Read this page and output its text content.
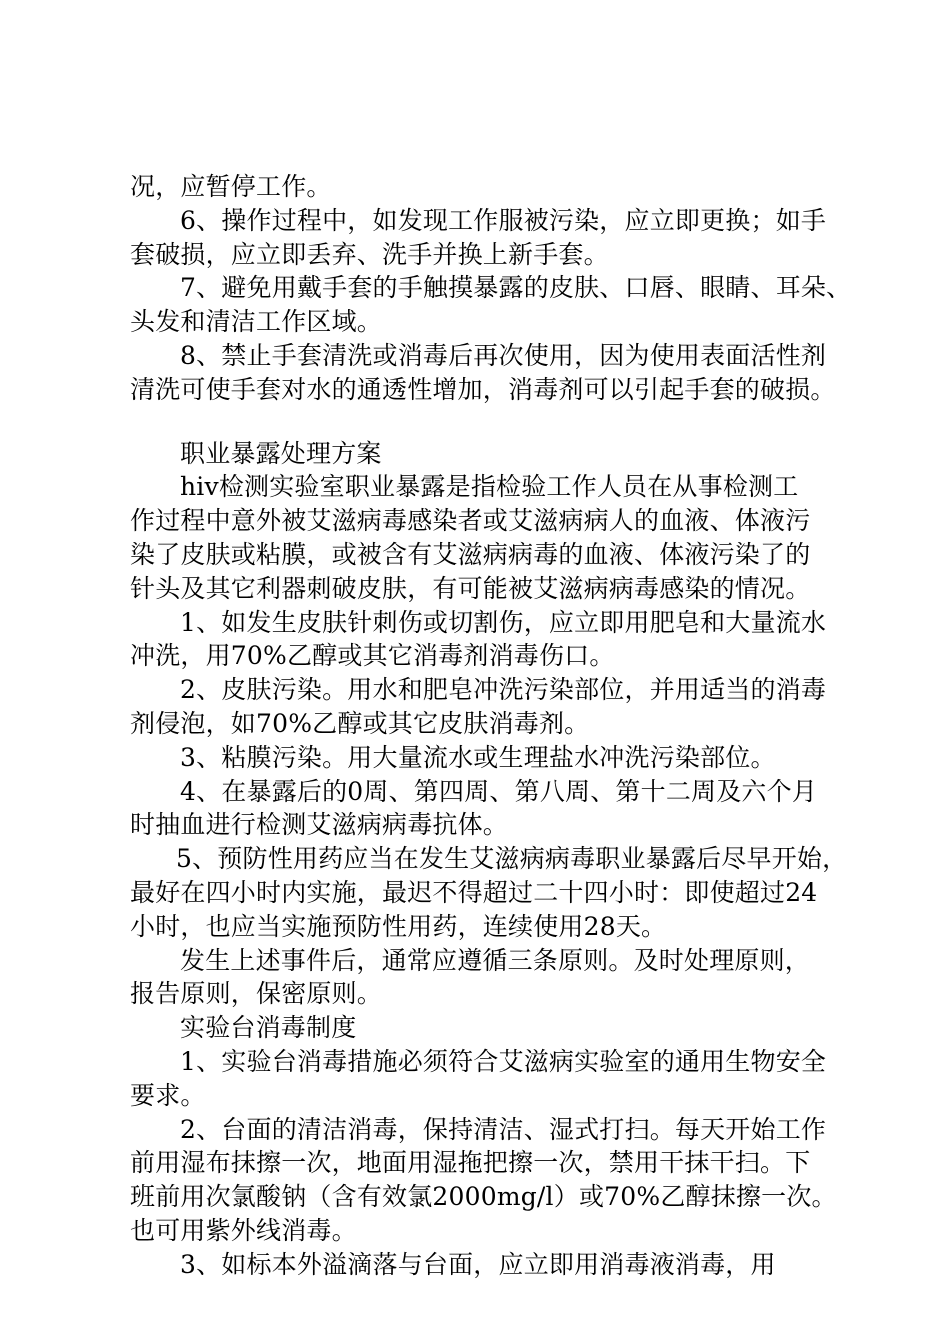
况，应暂停工作。
6、操作过程中，如发现工作服被污染，应立即更换；如手
套破损，应立即丢弃、洗手并换上新手套。
7、避免用戴手套的手触摸暴露的皮肤、口唇、眼睛、耳朵、
头发和清洁工作区域。
8、禁止手套清洗或消毒后再次使用，因为使用表面活性剂
清洗可使手套对水的通透性增加，消毒剂可以引起手套的破损。
职业暴露处理方案
hiv检测实验室职业暴露是指检验工作人员在从事检测工
作过程中意外被艾滋病毒感染者或艾滋病病人的血液、体液污
染了皮肤或粘膜，或被含有艾滋病病毒的血液、体液污染了的
针头及其它利器刺破皮肤，有可能被艾滋病病毒感染的情况。
1、如发生皮肤针刺伤或切割伤，应立即用肥皂和大量流水
冲洗，用70%乙醇或其它消毒剂消毒伤口。
2、皮肤污染。用水和肥皂冲洗污染部位，并用适当的消毒
剂侵泡，如70%乙醇或其它皮肤消毒剂。
3、粘膜污染。用大量流水或生理盐水冲洗污染部位。
4、在暴露后的0周、第四周、第八周、第十二周及六个月
时抽血进行检测艾滋病病毒抗体。
5、预防性用药应当在发生艾滋病病毒职业暴露后尽早开始，
最好在四小时内实施，最迟不得超过二十四小时：即使超过24
小时，也应当实施预防性用药，连续使用28天。
发生上述事件后，通常应遵循三条原则。及时处理原则，
报告原则，保密原则。
实验台消毒制度
1、实验台消毒措施必须符合艾滋病实验室的通用生物安全
要求。
2、台面的清洁消毒，保持清洁、湿式打扫。每天开始工作
前用湿布抹擦一次，地面用湿拖把擦一次，禁用干抹干扫。下
班前用次氯酸钠（含有效氯2000mg/l）或70%乙醇抹擦一次。
也可用紫外线消毒。
3、如标本外溢滴落与台面，应立即用消毒液消毒，用
